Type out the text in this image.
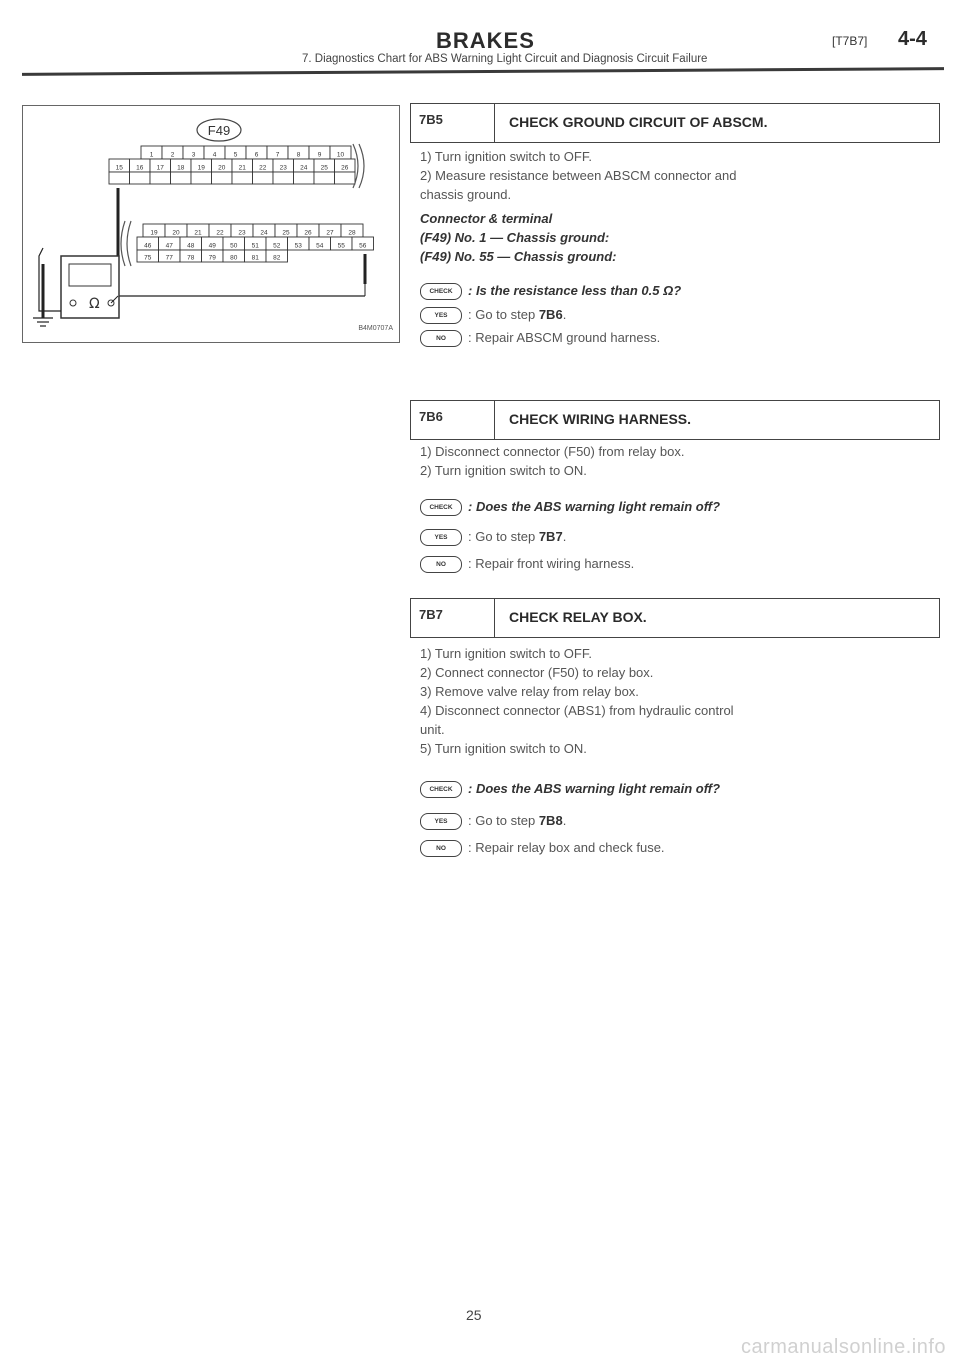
BRAKES	[T7B7] 4-4
7. Diagnostics Chart for ABS Warning Light Circuit and Diagnosis Circuit Failure
F49
1	2	3	4	5	6	7	8	9 10
15 16 17 18 19 20 21 22 23 24 25 26
19 20 21 22 23 24 25 26 27 28
46 47 48 49 50 51 52 53 54 55 56
75 77 78 79 80 81 82
Ω
B4M0707A
7B5	CHECK GROUND CIRCUIT OF ABSCM.
1) Turn ignition switch to OFF.
2) Measure resistance between ABSCM connector and
chassis ground.
Connector & terminal
(F49) No. 1 — Chassis ground:
(F49) No. 55 — Chassis ground:
CHECK : Is the resistance less than 0.5 Ω?
YES : Go to step 7B6.
NO : Repair ABSCM ground harness.
7B6	CHECK WIRING HARNESS.
1) Disconnect connector (F50) from relay box.
2) Turn ignition switch to ON.
CHECK : Does the ABS warning light remain off?
YES : Go to step 7B7.
NO : Repair front wiring harness.
7B7	CHECK RELAY BOX.
1) Turn ignition switch to OFF.
2) Connect connector (F50) to relay box.
3) Remove valve relay from relay box.
4) Disconnect connector (ABS1) from hydraulic control
unit.
5) Turn ignition switch to ON.
CHECK : Does the ABS warning light remain off?
YES : Go to step 7B8.
NO : Repair relay box and check fuse.
25
carmanualsonline.info
